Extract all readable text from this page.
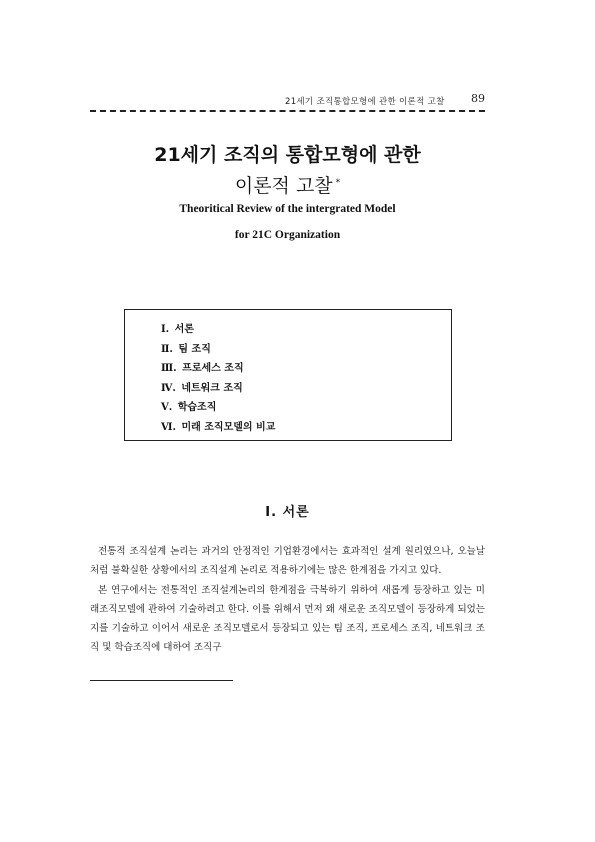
21세기 조직통합모형에 관한 이론적 고찰 89
21세기 조직의 통합모형에 관한
이론적 고찰 *
Theoritical Review of the intergrated Model
for 21C Organization
Ⅰ. 서론
Ⅱ. 팀 조직
Ⅲ. 프로세스 조직
Ⅳ. 네트워크 조직
Ⅴ. 학습조직
Ⅵ. 미래 조직모델의 비교
Ⅰ. 서론

전통적 조직설계 논리는 과거의 안정적인 기업환경에서는 효과적인 설계 원리였으나, 오늘날 처럼 불확실한 상황에서의 조직설계 논리로 적용하기에는 많은 한계점을 가지고 있다.

본 연구에서는 전통적인 조직설계논리의 한계점을 극복하기 위하여 새롭게 등장하고 있는 미래조직모델에 관하여 기술하려고 한다. 이를 위해서 먼저 왜 새로운 조직모델이 등장하게 되었는지를 기술하고 이어서 새로운 조직모델로서 등장되고 있는 팀 조직, 프로세스 조직, 네트워크 조직 및 학습조직에 대하여 조직구
